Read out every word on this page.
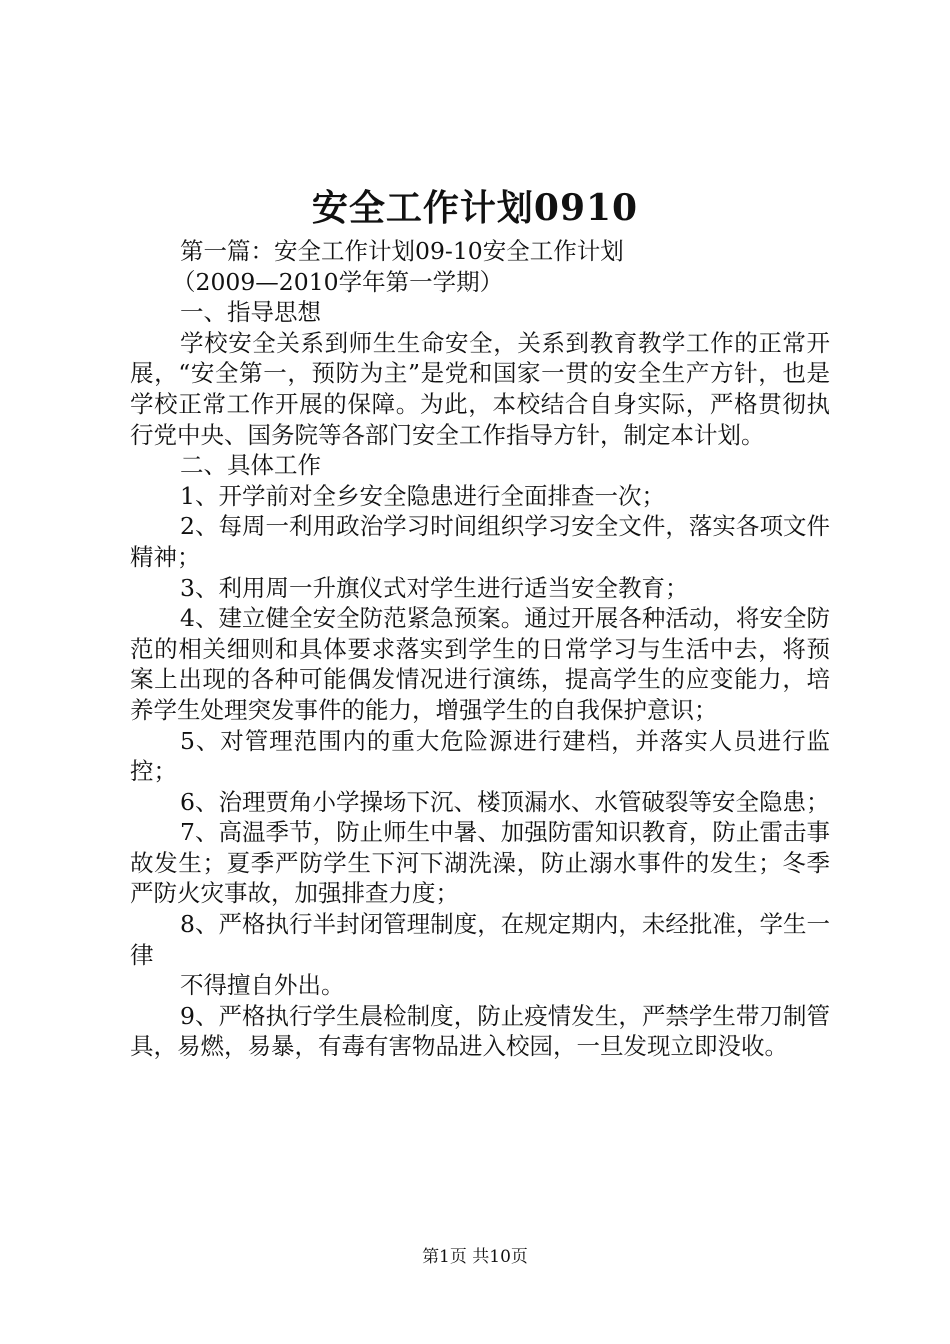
安全工作计划0910

第一篇：安全工作计划09-10安全工作计划

（2009—2010学年第一学期）

一、指导思想

学校安全关系到师生生命安全，关系到教育教学工作的正常开展，“安全第一，预防为主”是党和国家一贯的安全生产方针，也是学校正常工作开展的保障。为此，本校结合自身实际，严格贯彻执行党中央、国务院等各部门安全工作指导方针，制定本计划。

二、具体工作

1、开学前对全乡安全隐患进行全面排查一次；

2、每周一利用政治学习时间组织学习安全文件，落实各项文件精神；

3、利用周一升旗仪式对学生进行适当安全教育；

4、建立健全安全防范紧急预案。通过开展各种活动，将安全防范的相关细则和具体要求落实到学生的日常学习与生活中去，将预案上出现的各种可能偶发情况进行演练，提高学生的应变能力，培养学生处理突发事件的能力，增强学生的自我保护意识；

5、对管理范围内的重大危险源进行建档，并落实人员进行监控；

6、治理贾角小学操场下沉、楼顶漏水、水管破裂等安全隐患；

7、高温季节，防止师生中暑、加强防雷知识教育，防止雷击事故发生；夏季严防学生下河下湖洗澡，防止溺水事件的发生；冬季严防火灾事故，加强排查力度；

8、严格执行半封闭管理制度，在规定期内，未经批准，学生一律

不得擅自外出。

9、严格执行学生晨检制度，防止疫情发生，严禁学生带刀制管具，易燃，易暴，有毒有害物品进入校园，一旦发现立即没收。

第1页 共10页
